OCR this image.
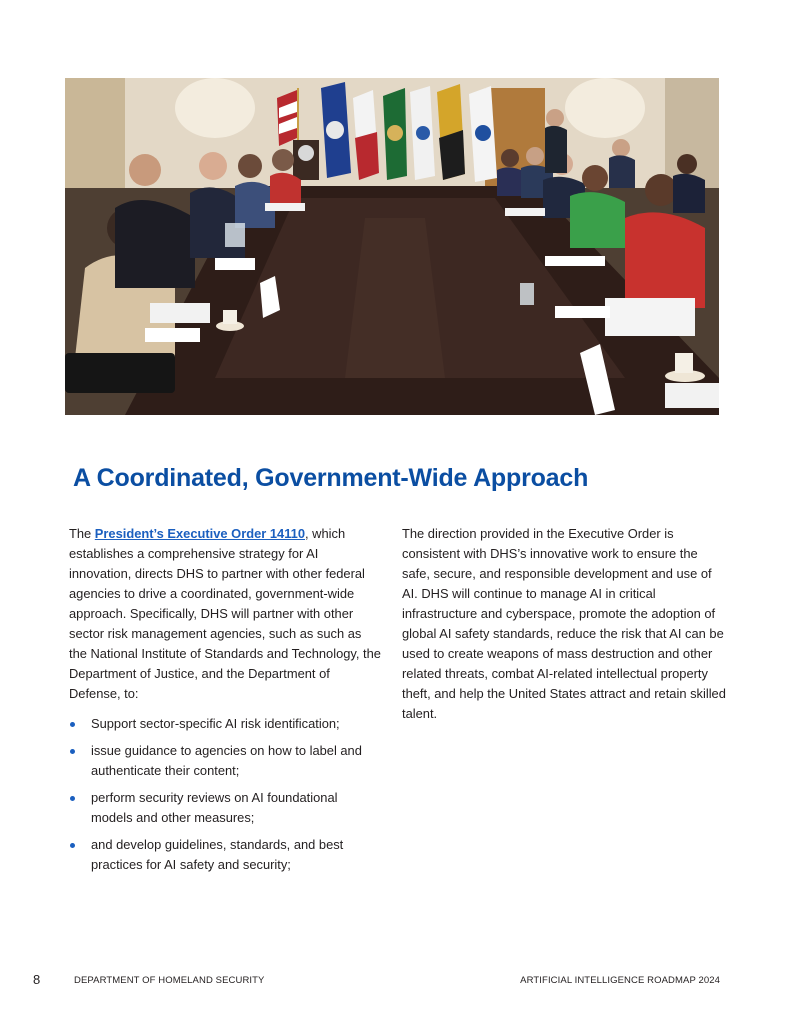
A Coordinated, Government-Wide Approach

The President’s Executive Order 14110, which establishes a comprehensive strategy for AI innovation, directs DHS to partner with other federal agencies to drive a coordinated, government-wide approach. Specifically, DHS will partner with other sector risk management agencies, such as such as the National Institute of Standards and Technology, the Department of Justice, and the Department of Defense, to:

Support sector-specific AI risk identification;
issue guidance to agencies on how to label and authenticate their content;
perform security reviews on AI foundational models and other measures;
and develop guidelines, standards, and best practices for AI safety and security;

The direction provided in the Executive Order is consistent with DHS’s innovative work to ensure the safe, secure, and responsible development and use of AI. DHS will continue to manage AI in critical infrastructure and cyberspace, promote the adoption of global AI safety standards, reduce the risk that AI can be used to create weapons of mass destruction and other related threats, combat AI-related intellectual property theft, and help the United States attract and retain skilled talent.

8	DEPARTMENT OF HOMELAND SECURITY	ARTIFICIAL INTELLIGENCE ROADMAP 2024
